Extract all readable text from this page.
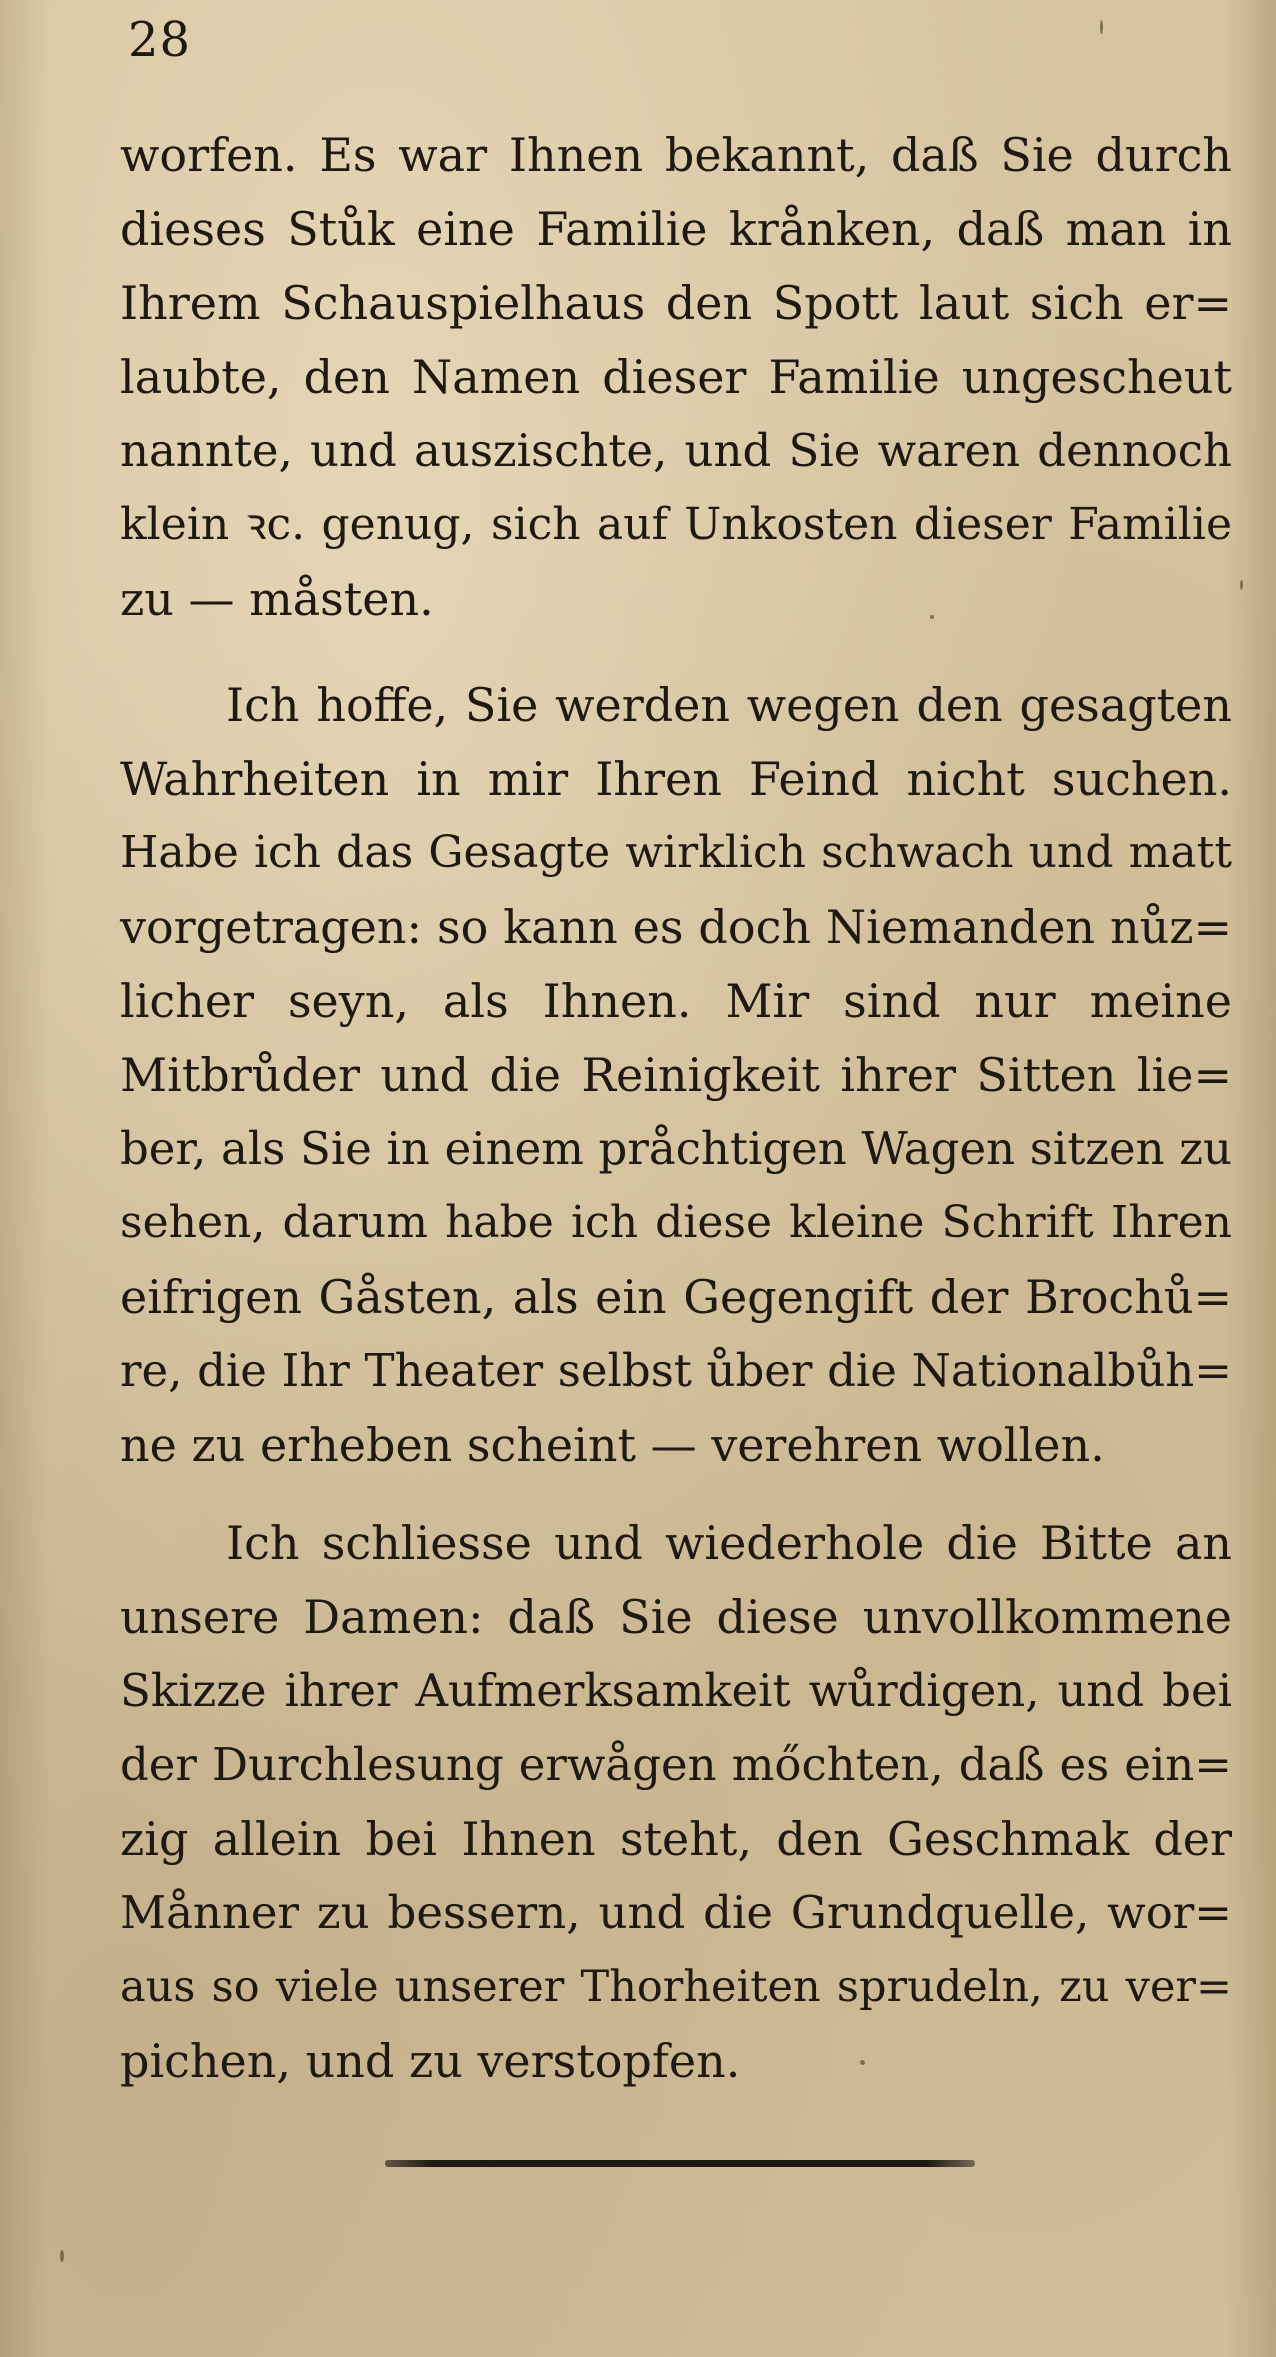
28
worfen. Es war Ihnen bekannt, daß Sie durch
dieses Stůk eine Familie krånken, daß man in
Ihrem Schauspielhaus den Spott laut sich er=
laubte, den Namen dieser Familie ungescheut
nannte, und auszischte, und Sie waren dennoch
klein ꝛc. genug, sich auf Unkosten dieser Familie
zu — måsten.
Ich hoffe, Sie werden wegen den gesagten
Wahrheiten in mir Ihren Feind nicht suchen.
Habe ich das Gesagte wirklich schwach und matt
vorgetragen: so kann es doch Niemanden nůz=
licher seyn, als Ihnen. Mir sind nur meine
Mitbrůder und die Reinigkeit ihrer Sitten lie=
ber, als Sie in einem pråchtigen Wagen sitzen zu
sehen, darum habe ich diese kleine Schrift Ihren
eifrigen Gåsten, als ein Gegengift der Brochů=
re, die Ihr Theater selbst ůber die Nationalbůh=
ne zu erheben scheint — verehren wollen.
Ich schliesse und wiederhole die Bitte an
unsere Damen: daß Sie diese unvollkommene
Skizze ihrer Aufmerksamkeit wůrdigen, und bei
der Durchlesung erwågen mőchten, daß es ein=
zig allein bei Ihnen steht, den Geschmak der
Månner zu bessern, und die Grundquelle, wor=
aus so viele unserer Thorheiten sprudeln, zu ver=
pichen, und zu verstopfen.
